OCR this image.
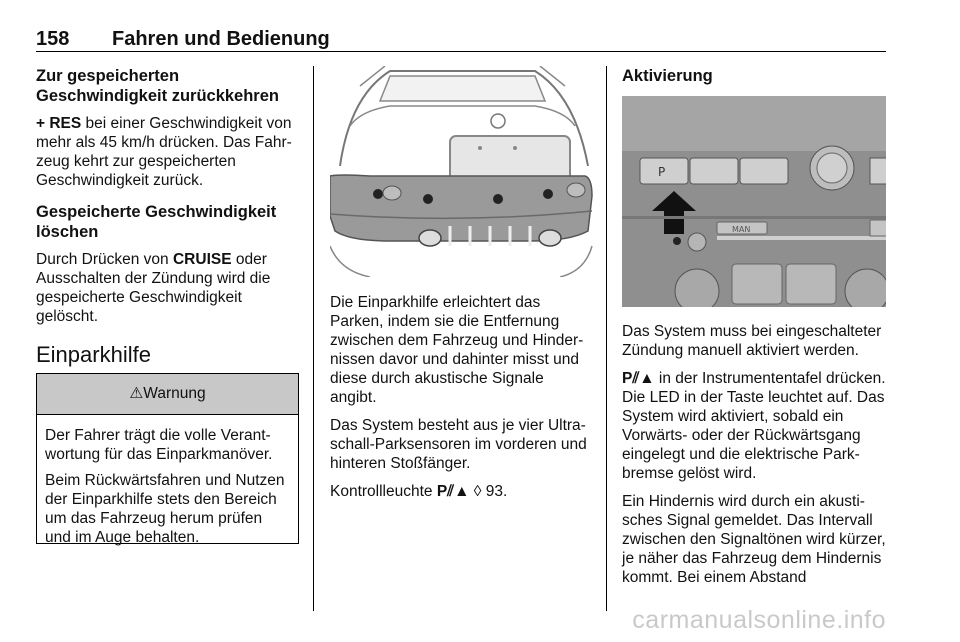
158 Fahren und Bedienung
Zur gespeicherten Geschwindigkeit zurückkehren

+ RES bei einer Geschwindigkeit von mehr als 45 km/h drücken. Das Fahr- zeug kehrt zur gespeicherten Geschwindigkeit zurück.

Gespeicherte Geschwindigkeit löschen

Durch Drücken von CRUISE oder Ausschalten der Zündung wird die gespeicherte Geschwindigkeit gelöscht.

Einparkhilfe
⚠Warnung

Der Fahrer trägt die volle Verant- wortung für das Einparkmanöver.

Beim Rückwärtsfahren und Nutzen der Einparkhilfe stets den Bereich um das Fahrzeug herum prüfen und im Auge behalten.

Die Einparkhilfe erleichtert das Parken, indem sie die Entfernung zwischen dem Fahrzeug und Hinder- nissen davor und dahinter misst und diese durch akustische Signale angibt.

Das System besteht aus je vier Ultra- schall-Parksensoren im vorderen und hinteren Stoßfänger.

Kontrollleuchte P⫽▲ ◊ 93.

Aktivierung
P
MAN

Das System muss bei eingeschalteter Zündung manuell aktiviert werden.

P⫽▲ in der Instrumententafel drücken. Die LED in der Taste leuchtet auf. Das System wird aktiviert, sobald ein Vorwärts- oder der Rückwärtsgang eingelegt und die elektrische Park- bremse gelöst wird.

Ein Hindernis wird durch ein akusti- sches Signal gemeldet. Das Intervall zwischen den Signaltönen wird kürzer, je näher das Fahrzeug dem Hindernis kommt. Bei einem Abstand

carmanualsonline.info
